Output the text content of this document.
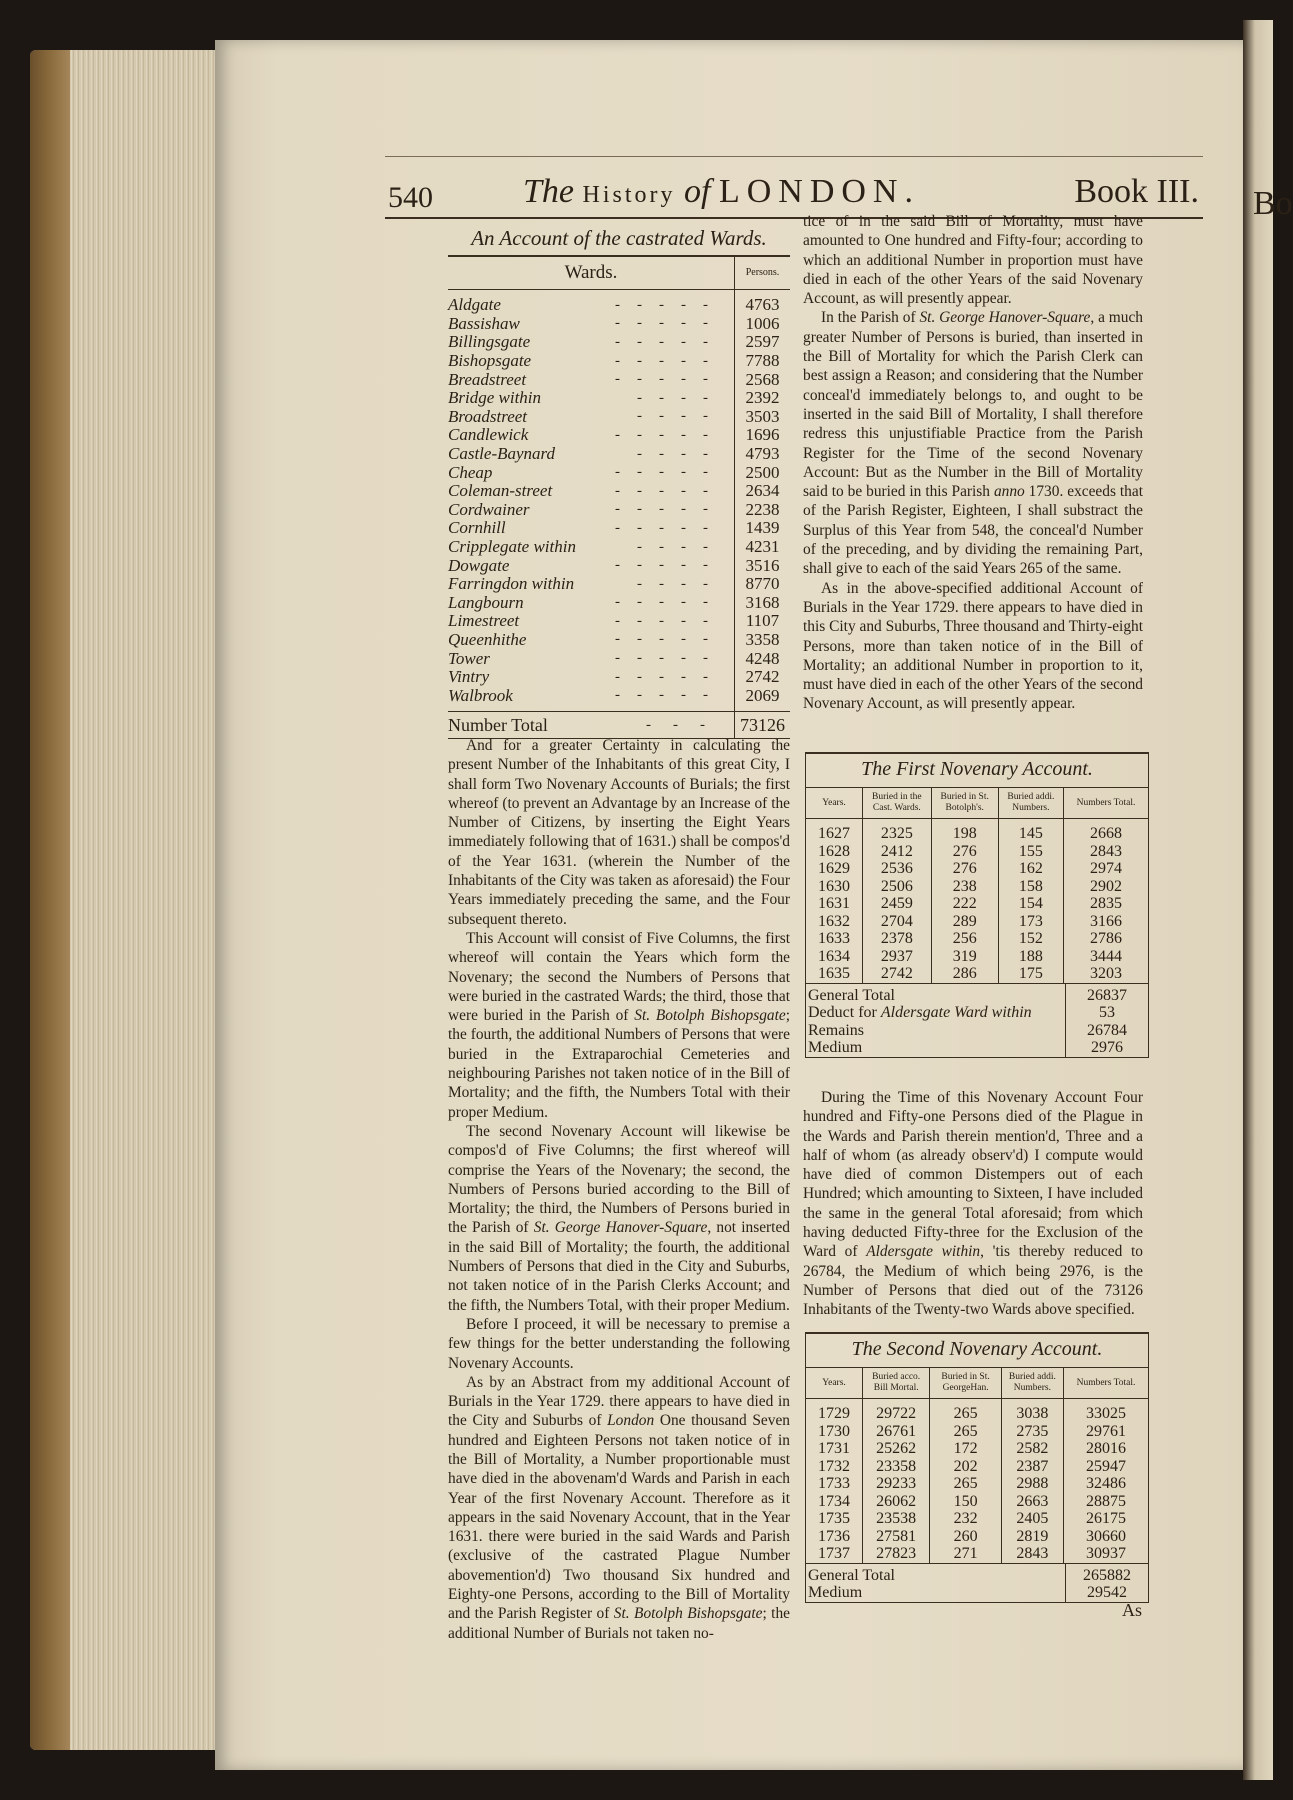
Bo
540	The History of LONDON.	Book III.
An Account of the castrated Wards.
Wards.	Persons.
Aldgate	-----	4763
Bassishaw	-----	1006
Billingsgate	-----	2597
Bishopsgate	-----	7788
Breadstreet	-----	2568
Bridge within	----	2392
Broadstreet	----	3503
Candlewick	-----	1696
Castle-Baynard	----	4793
Cheap	-----	2500
Coleman-street	-----	2634
Cordwainer	-----	2238
Cornhill	-----	1439
Cripplegate within	----	4231
Dowgate	-----	3516
Farringdon within	----	8770
Langbourn	-----	3168
Limestreet	-----	1107
Queenhithe	-----	3358
Tower	-----	4248
Vintry	-----	2742
Walbrook	-----	2069
Number Total	--- 73126

And for a greater Certainty in calculating the present Number of the Inhabitants of this great City, I shall form Two Novenary Accounts of Burials; the first whereof (to prevent an Advantage by an Increase of the Number of Citizens, by inserting the Eight Years immediately following that of 1631.) shall be compos'd of the Year 1631. (wherein the Number of the Inhabitants of the City was taken as aforesaid) the Four Years immediately preceding the same, and the Four subsequent thereto.

This Account will consist of Five Columns, the first whereof will contain the Years which form the Novenary; the second the Numbers of Persons that were buried in the castrated Wards; the third, those that were buried in the Parish of St. Botolph Bishopsgate; the fourth, the additional Numbers of Persons that were buried in the Extraparochial Cemeteries and neighbouring Parishes not taken notice of in the Bill of Mortality; and the fifth, the Numbers Total with their proper Medium.

The second Novenary Account will likewise be compos'd of Five Columns; the first whereof will comprise the Years of the Novenary; the second, the Numbers of Persons buried according to the Bill of Mortality; the third, the Numbers of Persons buried in the Parish of St. George Hanover-Square, not inserted in the said Bill of Mortality; the fourth, the additional Numbers of Persons that died in the City and Suburbs, not taken notice of in the Parish Clerks Account; and the fifth, the Numbers Total, with their proper Medium.

Before I proceed, it will be necessary to premise a few things for the better understanding the following Novenary Accounts.

As by an Abstract from my additional Account of Burials in the Year 1729. there appears to have died in the City and Suburbs of London One thousand Seven hundred and Eighteen Persons not taken notice of in the Bill of Mortality, a Number proportionable must have died in the abovenam'd Wards and Parish in each Year of the first Novenary Account. Therefore as it appears in the said Novenary Account, that in the Year 1631. there were buried in the said Wards and Parish (exclusive of the castrated Plague Number abovemention'd) Two thousand Six hundred and Eighty-one Persons, according to the Bill of Mortality and the Parish Register of St. Botolph Bishopsgate; the additional Number of Burials not taken no-

tice of in the said Bill of Mortality, must have amounted to One hundred and Fifty-four; according to which an additional Number in proportion must have died in each of the other Years of the said Novenary Account, as will presently appear.

In the Parish of St. George Hanover-Square, a much greater Number of Persons is buried, than inserted in the Bill of Mortality for which the Parish Clerk can best assign a Reason; and considering that the Number conceal'd immediately belongs to, and ought to be inserted in the said Bill of Mortality, I shall therefore redress this unjustifiable Practice from the Parish Register for the Time of the second Novenary Account: But as the Number in the Bill of Mortality said to be buried in this Parish anno 1730. exceeds that of the Parish Register, Eighteen, I shall substract the Surplus of this Year from 548, the conceal'd Number of the preceding, and by dividing the remaining Part, shall give to each of the said Years 265 of the same.

As in the above-specified additional Account of Burials in the Year 1729. there appears to have died in this City and Suburbs, Three thousand and Thirty-eight Persons, more than taken notice of in the Bill of Mortality; an additional Number in proportion to it, must have died in each of the other Years of the second Novenary Account, as will presently appear.

The First Novenary Account.
Years.	Buried in the Cast. Wards.	Buried in St. Botolph's.	Buried addi. Numbers.	Numbers Total.
1627	2325	198	145	2668
1628	2412	276	155	2843
1629	2536	276	162	2974
1630	2506	238	158	2902
1631	2459	222	154	2835
1632	2704	289	173	3166
1633	2378	256	152	2786
1634	2937	319	188	3444
1635	2742	286	175	3203
General Total	26837
Deduct for Aldersgate Ward within	53
Remains	26784
Medium	2976

During the Time of this Novenary Account Four hundred and Fifty-one Persons died of the Plague in the Wards and Parish therein mention'd, Three and a half of whom (as already observ'd) I compute would have died of common Distempers out of each Hundred; which amounting to Sixteen, I have included the same in the general Total aforesaid; from which having deducted Fifty-three for the Exclusion of the Ward of Aldersgate within, 'tis thereby reduced to 26784, the Medium of which being 2976, is the Number of Persons that died out of the 73126 Inhabitants of the Twenty-two Wards above specified.

The Second Novenary Account.
Years.	Buried acco. Bill Mortal.	Buried in St. GeorgeHan.	Buried addi. Numbers.	Numbers Total.
1729	29722	265	3038	33025
1730	26761	265	2735	29761
1731	25262	172	2582	28016
1732	23358	202	2387	25947
1733	29233	265	2988	32486
1734	26062	150	2663	28875
1735	23538	232	2405	26175
1736	27581	260	2819	30660
1737	27823	271	2843	30937
General Total	265882
Medium	29542
As
